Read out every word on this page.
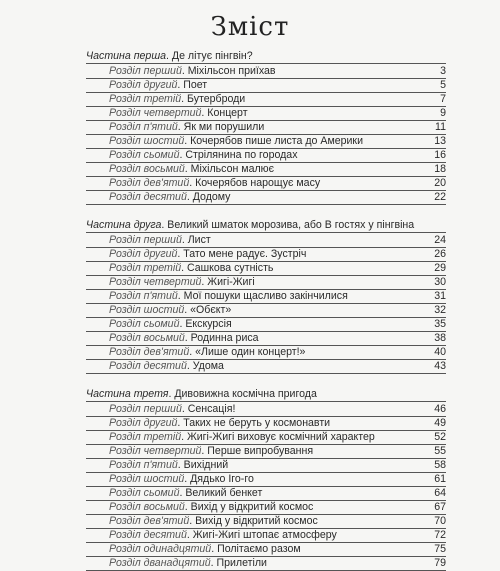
Зміст
Частина перша. Де літує пінгвін?
Розділ перший. Міхільсон приїхав	3
Розділ другий. Поет	5
Розділ третій. Бутерброди	7
Розділ четвертий. Концерт	9
Розділ п'ятий. Як ми порушили	11
Розділ шостий. Кочерябов пише листа до Америки	13
Розділ сьомий. Стрілянина по городах	16
Розділ восьмий. Міхільсон малює	18
Розділ дев'ятий. Кочерябов нарощує масу	20
Розділ десятий. Додому	22
Частина друга. Великий шматок морозива, або В гостях у пінгвіна
Розділ перший. Лист	24
Розділ другий. Тато мене радує. Зустріч	26
Розділ третій. Сашкова сутність	29
Розділ четвертий. Жигі-Жигі	30
Розділ п'ятий. Мої пошуки щасливо закінчилися	31
Розділ шостий. «Обєкт»	32
Розділ сьомий. Екскурсія	35
Розділ восьмий. Родинна риса	38
Розділ дев'ятий. «Лише один концерт!»	40
Розділ десятий. Удома	43
Частина третя. Дивовижна космічна пригода
Розділ перший. Сенсація!	46
Розділ другий. Таких не беруть у космонавти	49
Розділ третій. Жигі-Жигі виховує космічний характер	52
Розділ четвертий. Перше випробування	55
Розділ п'ятий. Вихідний	58
Розділ шостий. Дядько Іго-го	61
Розділ сьомий. Великий бенкет	64
Розділ восьмий. Вихід у відкритий космос	67
Розділ дев'ятий. Вихід у відкритий космос	70
Розділ десятий. Жигі-Жигі штопає атмосферу	72
Розділ одинадцятий. Політаємо разом	75
Розділ дванадцятий. Прилетіли	79
